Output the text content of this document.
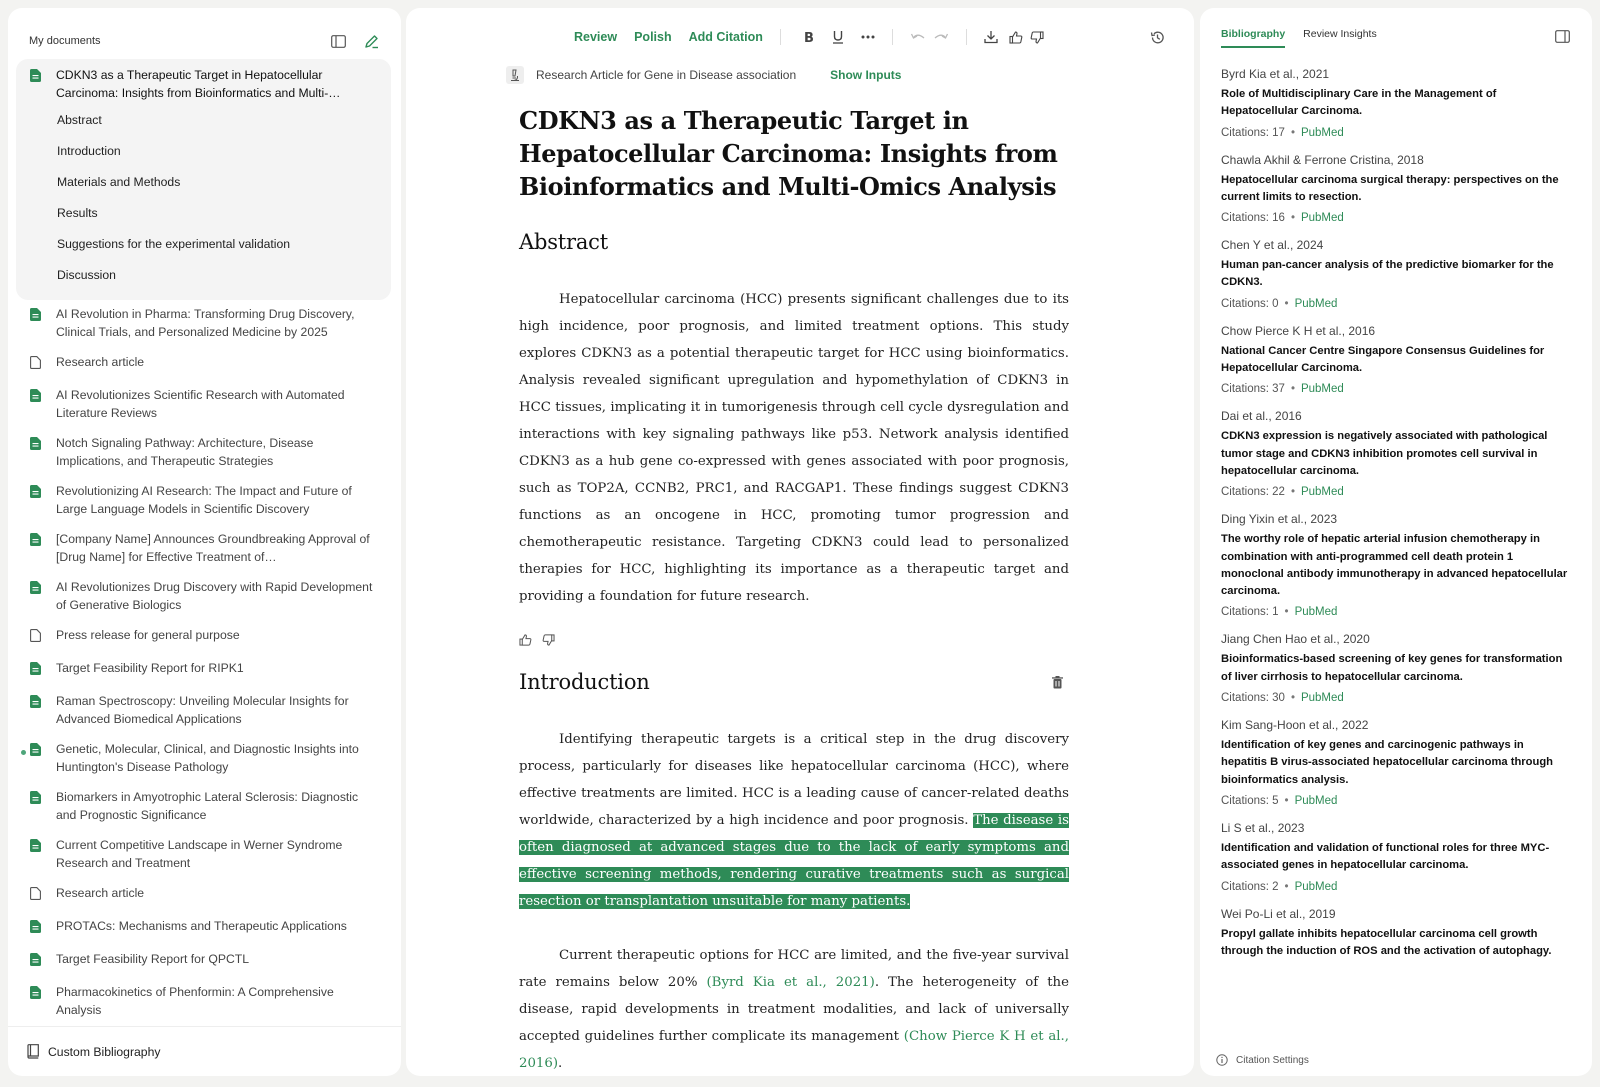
My documents
CDKN3 as a Therapeutic Target in Hepatocellular Carcinoma: Insights from Bioinformatics and Multi-…
Abstract
Introduction
Materials and Methods
Results
Suggestions for the experimental validation
Discussion
AI Revolution in Pharma: Transforming Drug Discovery, Clinical Trials, and Personalized Medicine by 2025
Research article
AI Revolutionizes Scientific Research with Automated Literature Reviews
Notch Signaling Pathway: Architecture, Disease Implications, and Therapeutic Strategies
Revolutionizing AI Research: The Impact and Future of Large Language Models in Scientific Discovery
[Company Name] Announces Groundbreaking Approval of [Drug Name] for Effective Treatment of…
AI Revolutionizes Drug Discovery with Rapid Development of Generative Biologics
Press release for general purpose
Target Feasibility Report for RIPK1
Raman Spectroscopy: Unveiling Molecular Insights for Advanced Biomedical Applications
Genetic, Molecular, Clinical, and Diagnostic Insights into Huntington's Disease Pathology
Biomarkers in Amyotrophic Lateral Sclerosis: Diagnostic and Prognostic Significance
Current Competitive Landscape in Werner Syndrome Research and Treatment
Research article
PROTACs: Mechanisms and Therapeutic Applications
Target Feasibility Report for QPCTL
Pharmacokinetics of Phenformin: A Comprehensive Analysis
Custom Bibliography
Review Polish Add Citation	B
Research Article for Gene in Disease association	Show Inputs
CDKN3 as a Therapeutic Target in Hepatocellular Carcinoma: Insights from Bioinformatics and Multi-Omics Analysis
Abstract

Hepatocellular carcinoma (HCC) presents significant challenges due to its high incidence, poor prognosis, and limited treatment options. This study explores CDKN3 as a potential therapeutic target for HCC using bioinformatics. Analysis revealed significant upregulation and hypomethylation of CDKN3 in HCC tissues, implicating it in tumorigenesis through cell cycle dysregulation and interactions with key signaling pathways like p53. Network analysis identified CDKN3 as a hub gene co-expressed with genes associated with poor prognosis, such as TOP2A, CCNB2, PRC1, and RACGAP1. These findings suggest CDKN3 functions as an oncogene in HCC, promoting tumor progression and chemotherapeutic resistance. Targeting CDKN3 could lead to personalized therapies for HCC, highlighting its importance as a therapeutic target and providing a foundation for future research.

Introduction

Identifying therapeutic targets is a critical step in the drug discovery process, particularly for diseases like hepatocellular carcinoma (HCC), where effective treatments are limited. HCC is a leading cause of cancer-related deaths worldwide, characterized by a high incidence and poor prognosis. The disease is often diagnosed at advanced stages due to the lack of early symptoms and effective screening methods, rendering curative treatments such as surgical resection or transplantation unsuitable for many patients.

Current therapeutic options for HCC are limited, and the five-year survival rate remains below 20% (Byrd Kia et al., 2021). The heterogeneity of the disease, rapid developments in treatment modalities, and lack of universally accepted guidelines further complicate its management (Chow Pierce K H et al., 2016).

Bibliography Review Insights
Byrd Kia et al., 2021
Role of Multidisciplinary Care in the Management of Hepatocellular Carcinoma.
Citations: 17 • PubMed
Chawla Akhil & Ferrone Cristina, 2018
Hepatocellular carcinoma surgical therapy: perspectives on the current limits to resection.
Citations: 16 • PubMed
Chen Y et al., 2024
Human pan-cancer analysis of the predictive biomarker for the CDKN3.
Citations: 0 • PubMed
Chow Pierce K H et al., 2016
National Cancer Centre Singapore Consensus Guidelines for Hepatocellular Carcinoma.
Citations: 37 • PubMed
Dai et al., 2016
CDKN3 expression is negatively associated with pathological tumor stage and CDKN3 inhibition promotes cell survival in hepatocellular carcinoma.
Citations: 22 • PubMed
Ding Yixin et al., 2023
The worthy role of hepatic arterial infusion chemotherapy in combination with anti-programmed cell death protein 1 monoclonal antibody immunotherapy in advanced hepatocellular carcinoma.
Citations: 1 • PubMed
Jiang Chen Hao et al., 2020
Bioinformatics-based screening of key genes for transformation of liver cirrhosis to hepatocellular carcinoma.
Citations: 30 • PubMed
Kim Sang-Hoon et al., 2022
Identification of key genes and carcinogenic pathways in hepatitis B virus-associated hepatocellular carcinoma through bioinformatics analysis.
Citations: 5 • PubMed
Li S et al., 2023
Identification and validation of functional roles for three MYC-associated genes in hepatocellular carcinoma.
Citations: 2 • PubMed
Wei Po-Li et al., 2019
Propyl gallate inhibits hepatocellular carcinoma cell growth through the induction of ROS and the activation of autophagy.
Citation Settings
